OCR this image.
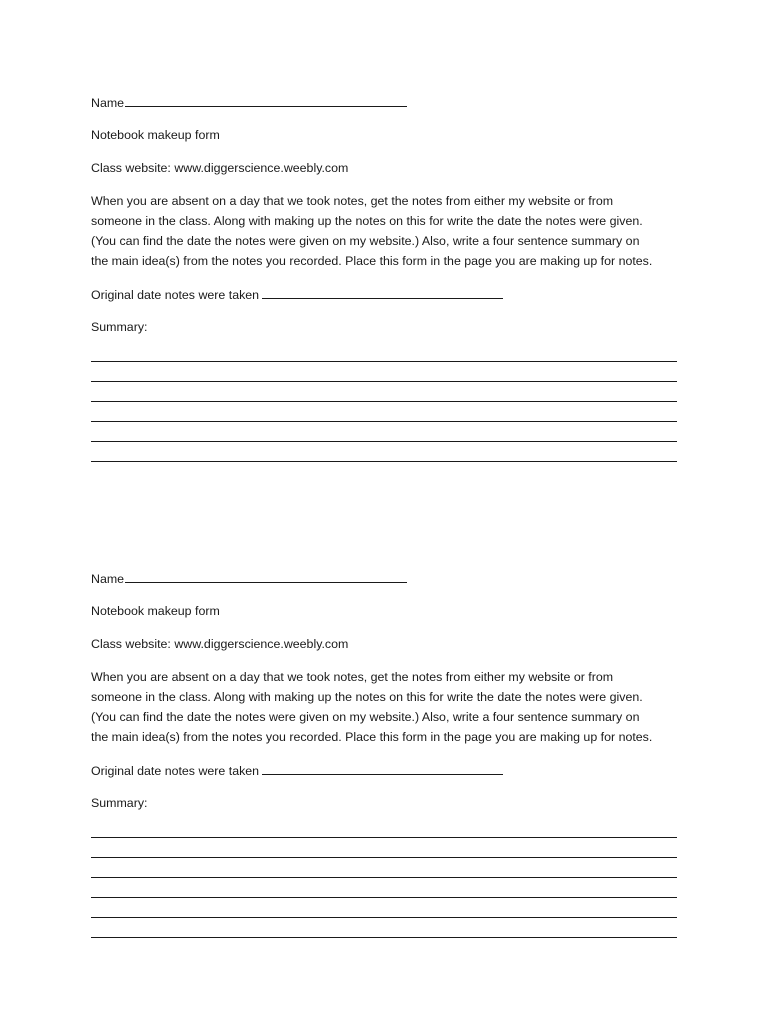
Name
Notebook makeup form
Class website: www.diggerscience.weebly.com
When you are absent on a day that we took notes, get the notes from either my website or from
someone in the class. Along with making up the notes on this for write the date the notes were given.
(You can find the date the notes were given on my website.) Also, write a four sentence summary on
the main idea(s) from the notes you recorded. Place this form in the page you are making up for notes.
Original date notes were taken
Summary:
Name
Notebook makeup form
Class website: www.diggerscience.weebly.com
When you are absent on a day that we took notes, get the notes from either my website or from
someone in the class. Along with making up the notes on this for write the date the notes were given.
(You can find the date the notes were given on my website.) Also, write a four sentence summary on
the main idea(s) from the notes you recorded. Place this form in the page you are making up for notes.
Original date notes were taken
Summary:
